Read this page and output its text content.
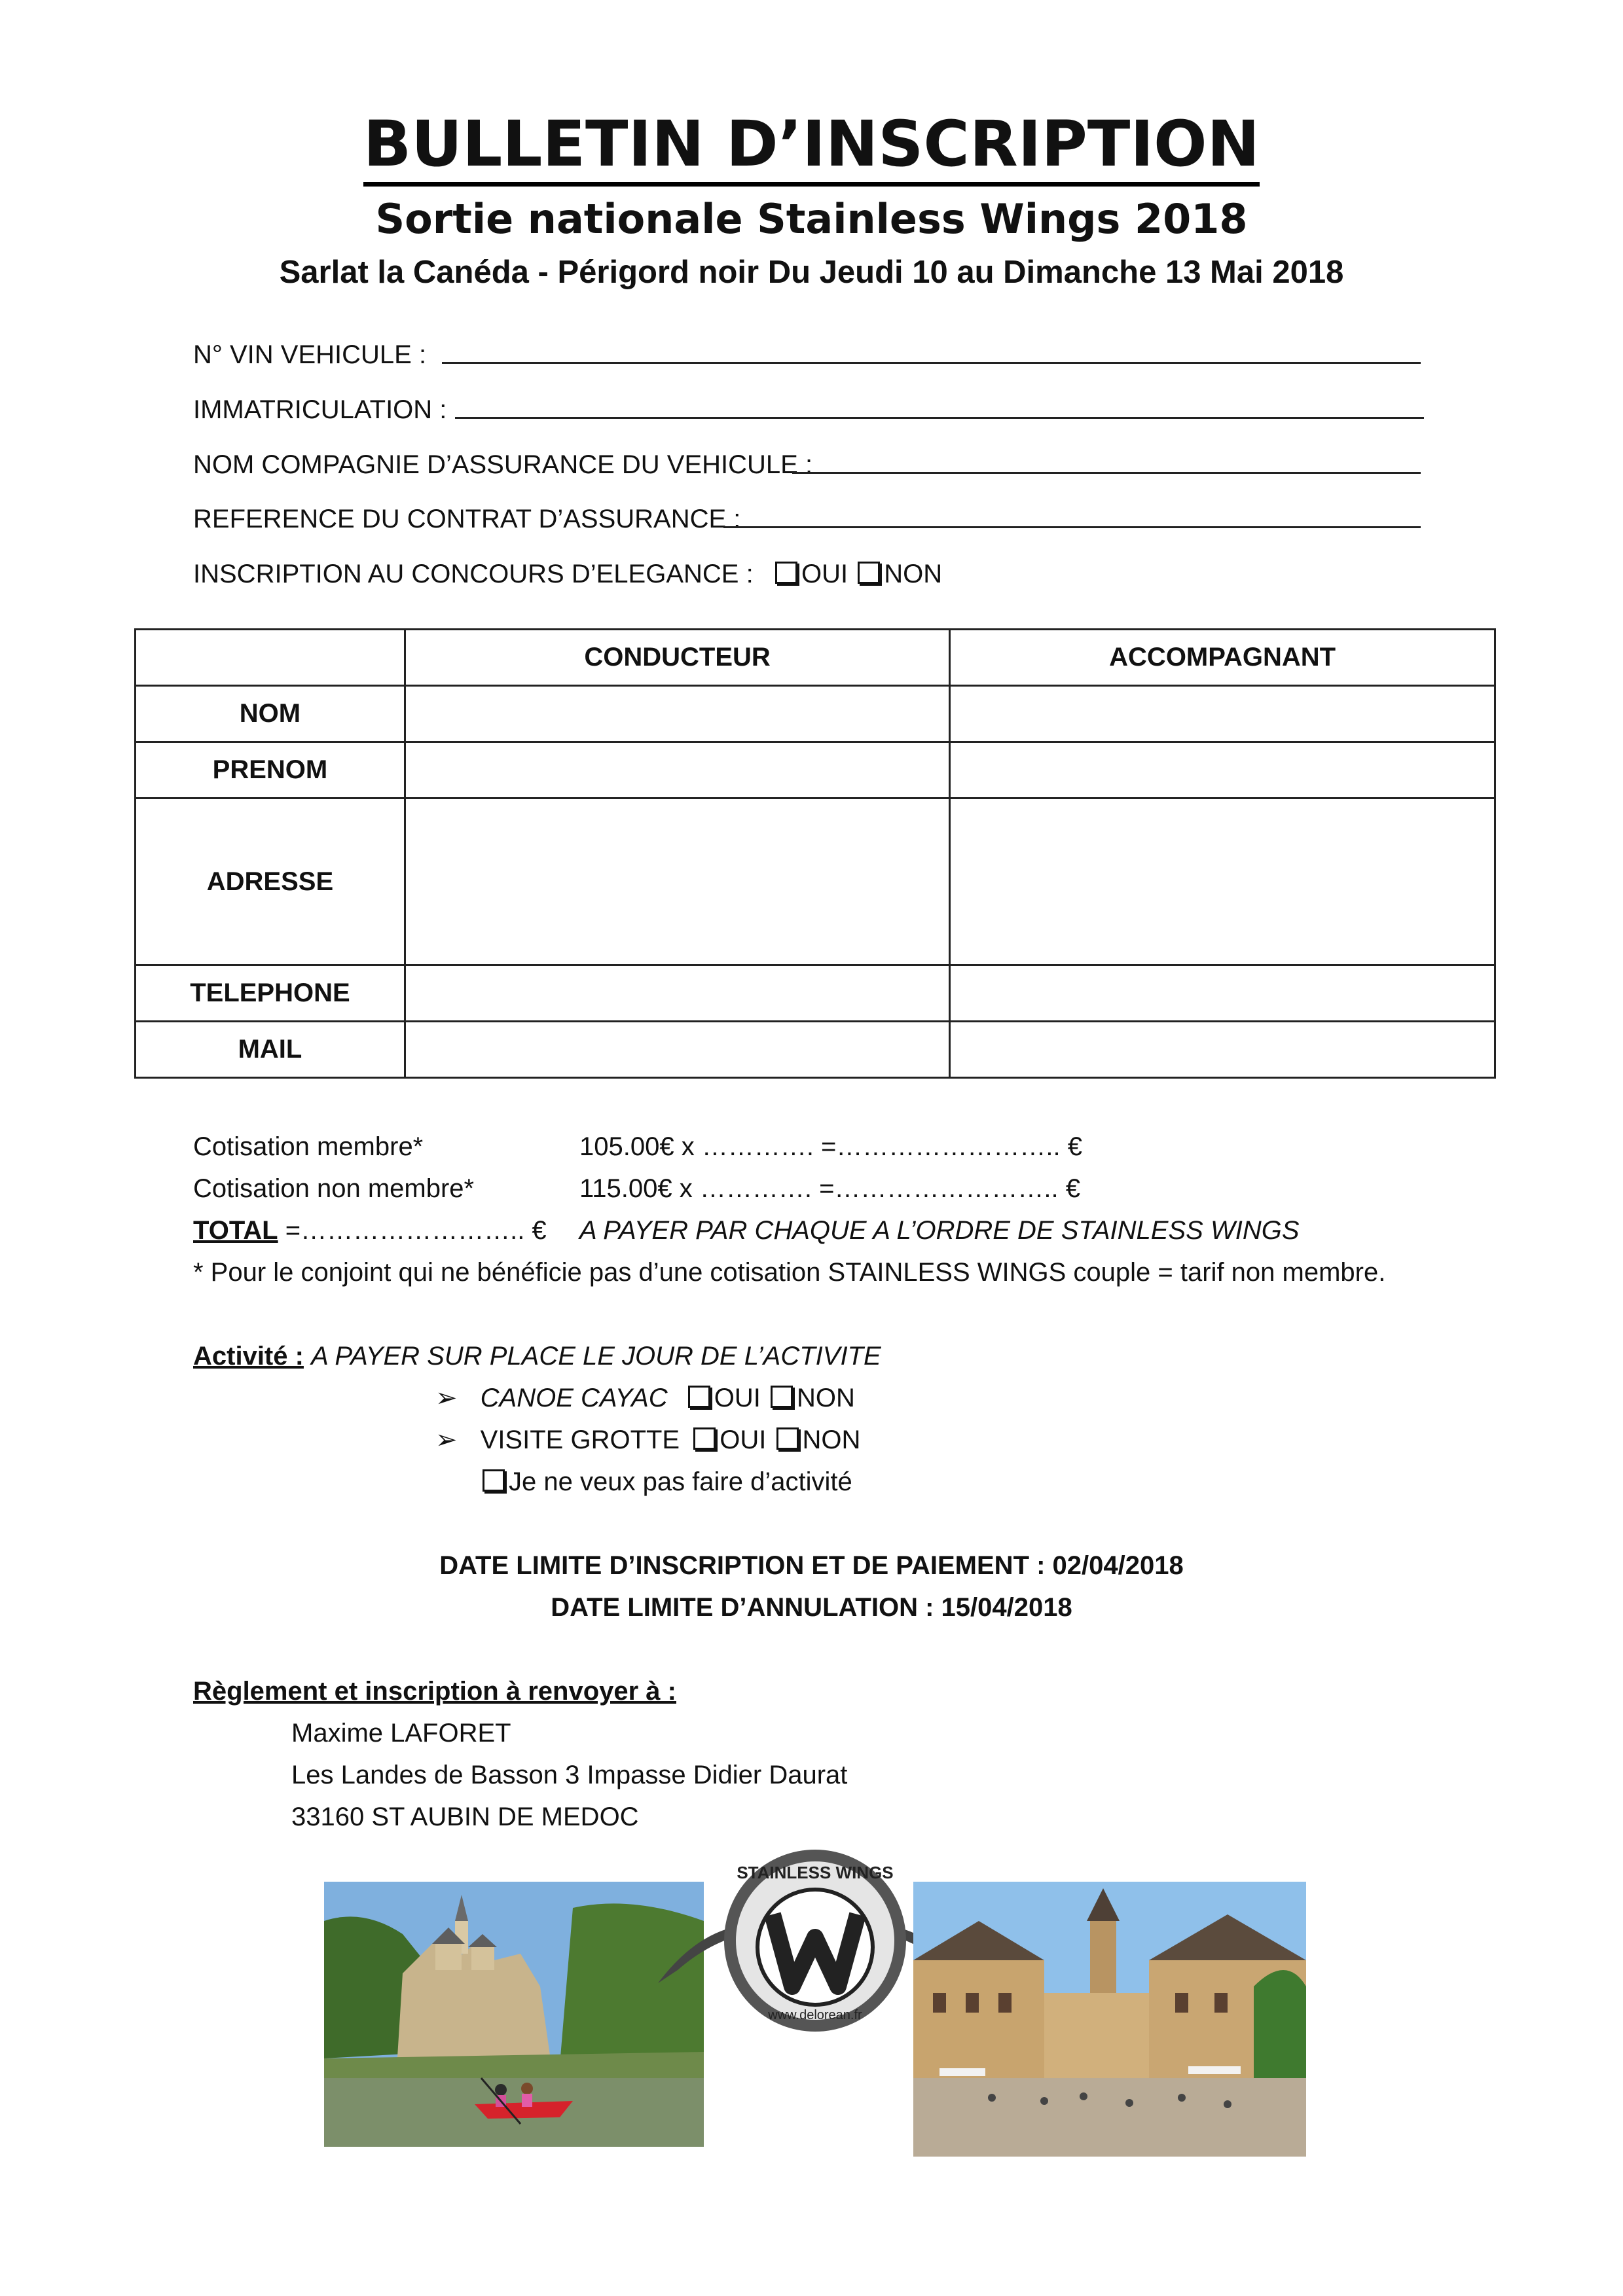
BULLETIN D’INSCRIPTION
Sortie nationale Stainless Wings 2018
Sarlat la Canéda - Périgord noir Du Jeudi 10 au Dimanche 13 Mai 2018
N° VIN VEHICULE :
IMMATRICULATION :
NOM COMPAGNIE D’ASSURANCE DU VEHICULE :
REFERENCE DU CONTRAT D’ASSURANCE :
INSCRIPTION AU CONCOURS D’ELEGANCE :	OUI NON
	CONDUCTEUR	ACCOMPAGNANT
NOM		
PRENOM		
ADRESSE		
TELEPHONE		
MAIL		
Cotisation membre*	105.00€ x …………. =…………………….. €
Cotisation non membre*	115.00€ x …………. =…………………….. €
TOTAL =…………………….. € A PAYER PAR CHAQUE A L’ORDRE DE STAINLESS WINGS
* Pour le conjoint qui ne bénéficie pas d’une cotisation STAINLESS WINGS couple = tarif non membre.
Activité : A PAYER SUR PLACE LE JOUR DE L’ACTIVITE
➢ CANOE CAYAC OUI NON
➢ VISITE GROTTE OUI NON
Je ne veux pas faire d’activité
DATE LIMITE D’INSCRIPTION ET DE PAIEMENT : 02/04/2018
DATE LIMITE D’ANNULATION : 15/04/2018
Règlement et inscription à renvoyer à :
Maxime LAFORET
Les Landes de Basson 3 Impasse Didier Daurat
33160 ST AUBIN DE MEDOC
STAINLESS WINGS
www.delorean.fr
